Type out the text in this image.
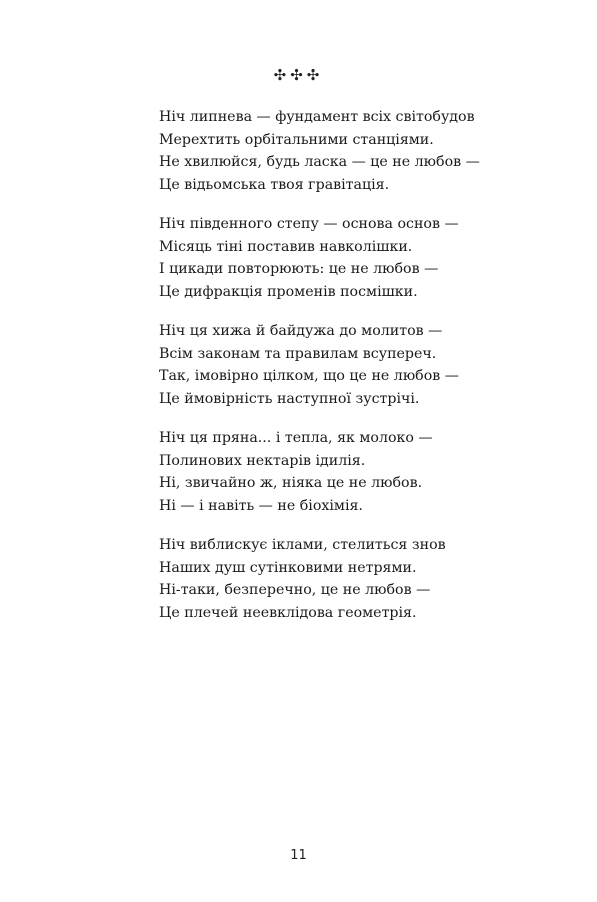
✣✣✣
Ніч липнева — фундамент всіх світобудов
Мерехтить орбітальними станціями.
Не хвилюйся, будь ласка — це не любов —
Це відьомська твоя гравітація.
Ніч південного степу — основа основ —
Місяць тіні поставив навколішки.
І цикади повторюють: це не любов —
Це дифракція променів посмішки.
Ніч ця хижа й байдужа до молитов —
Всім законам та правилам всупереч.
Так, імовірно цілком, що це не любов —
Це ймовірність наступної зустрічі.
Ніч ця пряна... і тепла, як молоко —
Полинових нектарів ідилія.
Ні, звичайно ж, ніяка це не любов.
Ні — і навіть — не біохімія.
Ніч виблискує іклами, стелиться знов
Наших душ сутінковими нетрями.
Ні-таки, безперечно, це не любов —
Це плечей неевклідова геометрія.
11
